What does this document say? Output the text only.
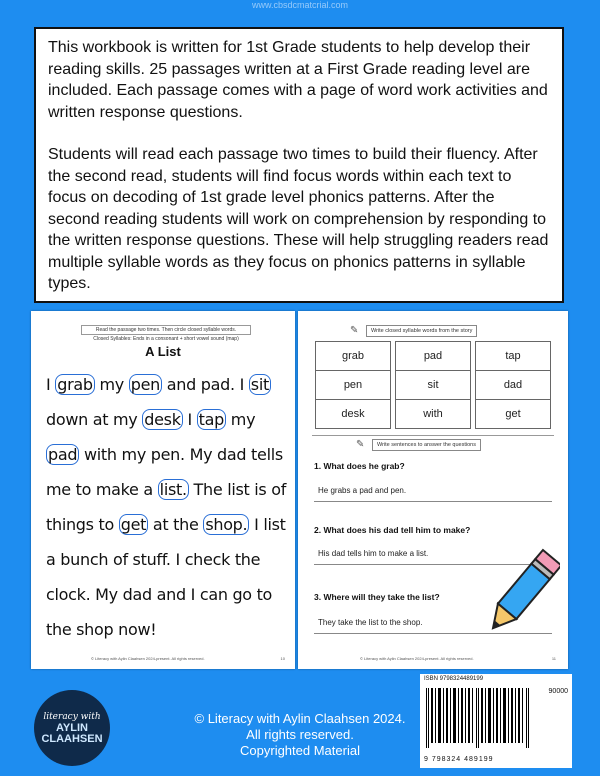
www.cbsdcmatcrial.com

This workbook is written for 1st Grade students to help develop their reading skills. 25 passages written at a First Grade reading level are included. Each passage comes with a page of word work activities and written response questions.

Students will read each passage two times to build their fluency. After the second read, students will find focus words within each text to focus on decoding of 1st grade level phonics patterns. After the second reading students will work on comprehension by responding to the written response questions. These will help struggling readers read multiple syllable words as they focus on phonics patterns in syllable types.

Read the passage two times. Then circle closed syllable words.
Closed Syllables: Ends in a consonant + short vowel sound (map)
A List
I grab my pen and pad. I sit
down at my desk I tap my
pad with my pen. My dad tells
me to make a list. The list is of
things to get at the shop. I list
a bunch of stuff. I check the
clock. My dad and I can go to
the shop now!
© Literacy with Aylin Claahsen 2024-present. All rights reserved.	10
✎	Write closed syllable words from the story
grab	pad	tap
pen	sit	dad
desk	with	get
✎	Write sentences to answer the questions
1. What does he grab?
He grabs a pad and pen.
2. What does his dad tell him to make?
His dad tells him to make a list.
3. Where will they take the list?
They take the list to the shop.
© Literacy with Aylin Claahsen 2024-present. All rights reserved.	11
literacy with
AYLIN
CLAAHSEN
© Literacy with Aylin Claahsen 2024.
All rights reserved.
Copyrighted Material
ISBN 9798324489199
90000
9 798324 489199
